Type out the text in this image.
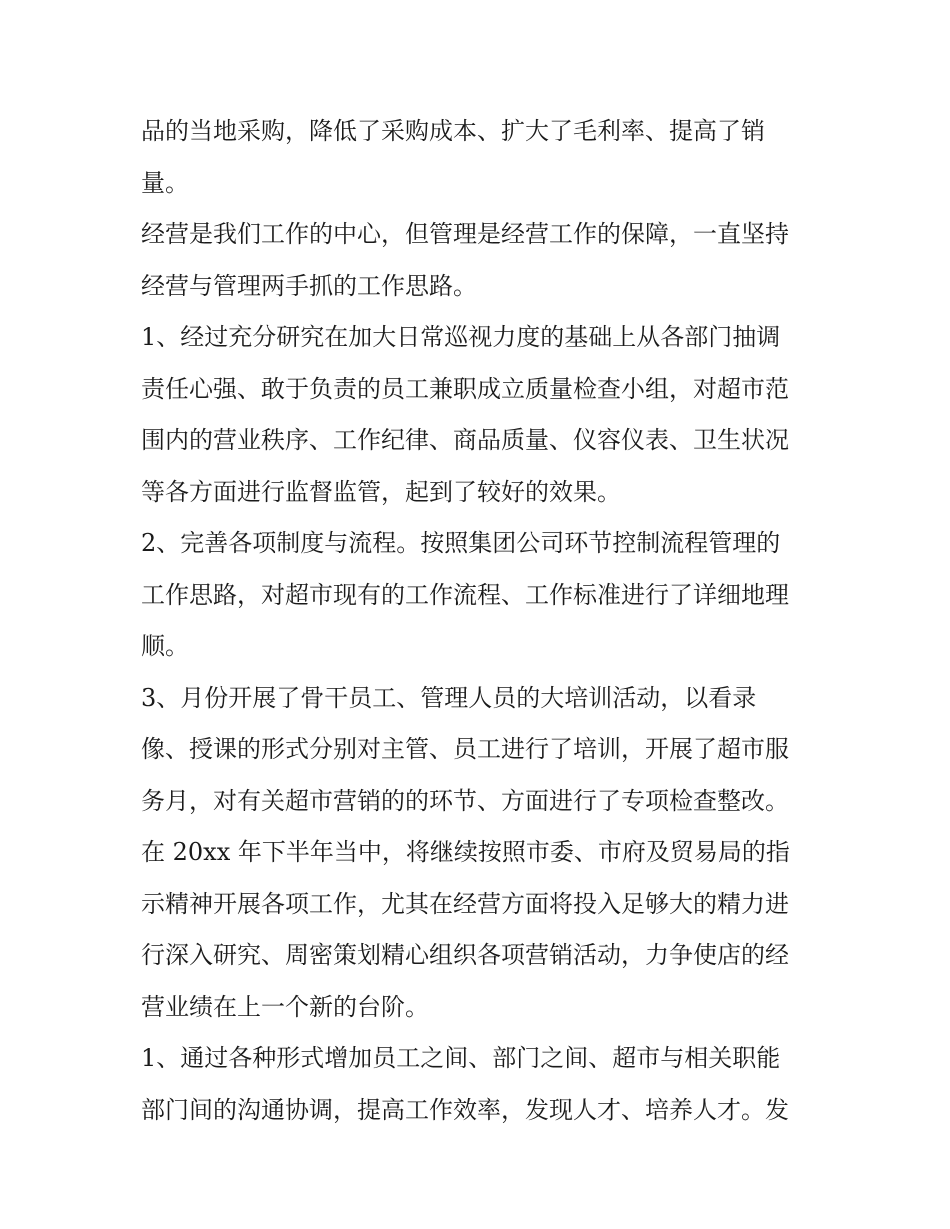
品的当地采购，降低了采购成本、扩大了毛利率、提高了销
量。
经营是我们工作的中心，但管理是经营工作的保障，一直坚持
经营与管理两手抓的工作思路。
1、经过充分研究在加大日常巡视力度的基础上从各部门抽调
责任心强、敢于负责的员工兼职成立质量检查小组，对超市范
围内的营业秩序、工作纪律、商品质量、仪容仪表、卫生状况
等各方面进行监督监管，起到了较好的效果。
2、完善各项制度与流程。按照集团公司环节控制流程管理的
工作思路，对超市现有的工作流程、工作标准进行了详细地理
顺。
3、月份开展了骨干员工、管理人员的大培训活动，以看录
像、授课的形式分别对主管、员工进行了培训，开展了超市服
务月，对有关超市营销的的环节、方面进行了专项检查整改。
在 20xx 年下半年当中，将继续按照市委、市府及贸易局的指
示精神开展各项工作，尤其在经营方面将投入足够大的精力进
行深入研究、周密策划精心组织各项营销活动，力争使店的经
营业绩在上一个新的台阶。
1、通过各种形式增加员工之间、部门之间、超市与相关职能
部门间的沟通协调，提高工作效率，发现人才、培养人才。发
